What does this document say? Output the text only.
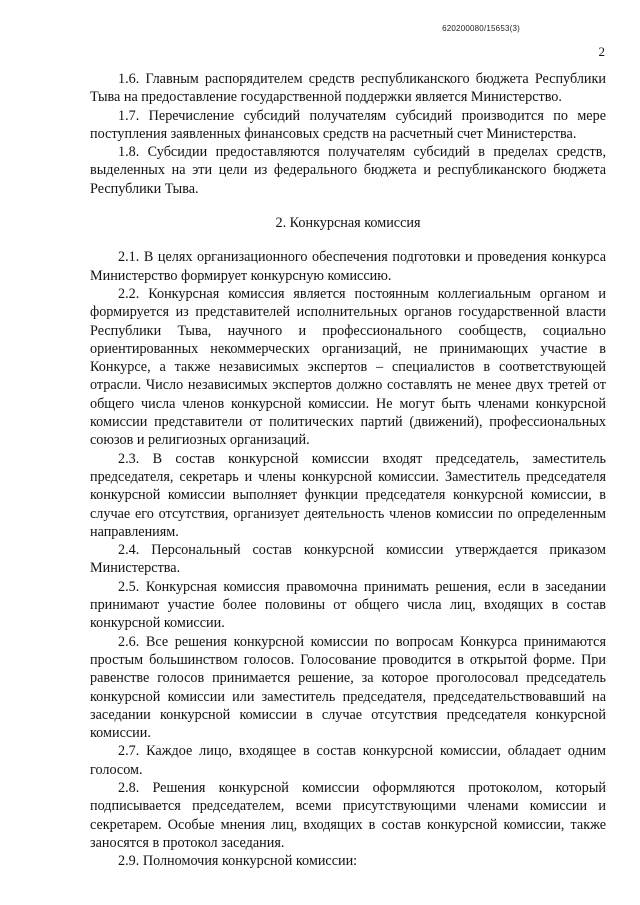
620200080/15653(3)
2

1.6. Главным распорядителем средств республиканского бюджета Республики Тыва на предоставление государственной поддержки является Министерство.

1.7. Перечисление субсидий получателям субсидий производится по мере поступления заявленных финансовых средств на расчетный счет Министерства.

1.8. Субсидии предоставляются получателям субсидий в пределах средств, выделенных на эти цели из федерального бюджета и республиканского бюджета Республики Тыва.

2. Конкурсная комиссия

2.1. В целях организационного обеспечения подготовки и проведения конкурса Министерство формирует конкурсную комиссию.

2.2. Конкурсная комиссия является постоянным коллегиальным органом и формируется из представителей исполнительных органов государственной власти Республики Тыва, научного и профессионального сообществ, социально ориентированных некоммерческих организаций, не принимающих участие в Конкурсе, а также независимых экспертов – специалистов в соответствующей отрасли. Число независимых экспертов должно составлять не менее двух третей от общего числа членов конкурсной комиссии. Не могут быть членами конкурсной комиссии представители от политических партий (движений), профессиональных союзов и религиозных организаций.

2.3. В состав конкурсной комиссии входят председатель, заместитель председателя, секретарь и члены конкурсной комиссии. Заместитель председателя конкурсной комиссии выполняет функции председателя конкурсной комиссии, в случае его отсутствия, организует деятельность членов комиссии по определенным направлениям.

2.4. Персональный состав конкурсной комиссии утверждается приказом Министерства.

2.5. Конкурсная комиссия правомочна принимать решения, если в заседании принимают участие более половины от общего числа лиц, входящих в состав конкурсной комиссии.

2.6. Все решения конкурсной комиссии по вопросам Конкурса принимаются простым большинством голосов. Голосование проводится в открытой форме. При равенстве голосов принимается решение, за которое проголосовал председатель конкурсной комиссии или заместитель председателя, председательствовавший на заседании конкурсной комиссии в случае отсутствия председателя конкурсной комиссии.

2.7. Каждое лицо, входящее в состав конкурсной комиссии, обладает одним голосом.

2.8. Решения конкурсной комиссии оформляются протоколом, который подписывается председателем, всеми присутствующими членами комиссии и секретарем. Особые мнения лиц, входящих в состав конкурсной комиссии, также заносятся в протокол заседания.

2.9. Полномочия конкурсной комиссии:
